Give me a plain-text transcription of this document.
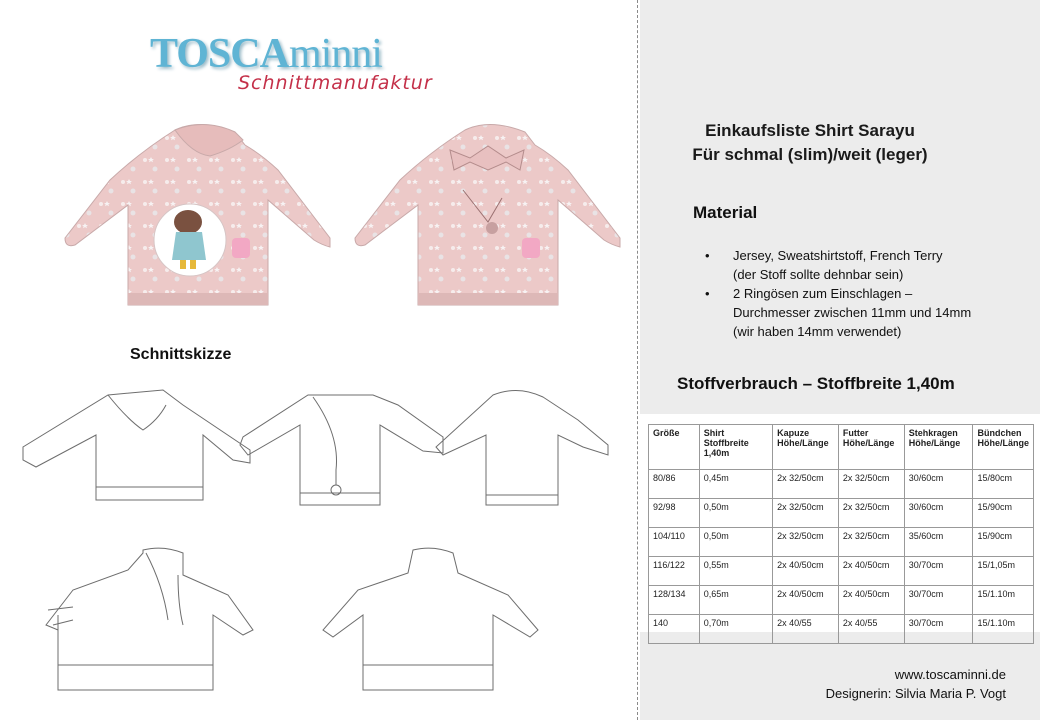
TOSCAminni
Schnittmanufaktur
Schnittskizze
Einkaufsliste Shirt Sarayu
Für schmal (slim)/weit (leger)
Material
• Jersey, Sweatshirtstoff, French Terry
(der Stoff sollte dehnbar sein)
• 2 Ringösen zum Einschlagen –
Durchmesser zwischen 11mm und 14mm
(wir haben 14mm verwendet)
Stoffverbrauch – Stoffbreite 1,40m
Größe	Shirt Stoffbreite 1,40m	Kapuze Höhe/Länge	Futter Höhe/Länge	Stehkragen Höhe/Länge	Bündchen Höhe/Länge
80/86	0,45m	2x 32/50cm	2x 32/50cm	30/60cm	15/80cm
92/98	0,50m	2x 32/50cm	2x 32/50cm	30/60cm	15/90cm
104/110	0,50m	2x 32/50cm	2x 32/50cm	35/60cm	15/90cm
116/122	0,55m	2x 40/50cm	2x 40/50cm	30/70cm	15/1,05m
128/134	0,65m	2x 40/50cm	2x 40/50cm	30/70cm	15/1.10m
140	0,70m	2x 40/55	2x 40/55	30/70cm	15/1.10m
www.toscaminni.de
Designerin: Silvia Maria P. Vogt
